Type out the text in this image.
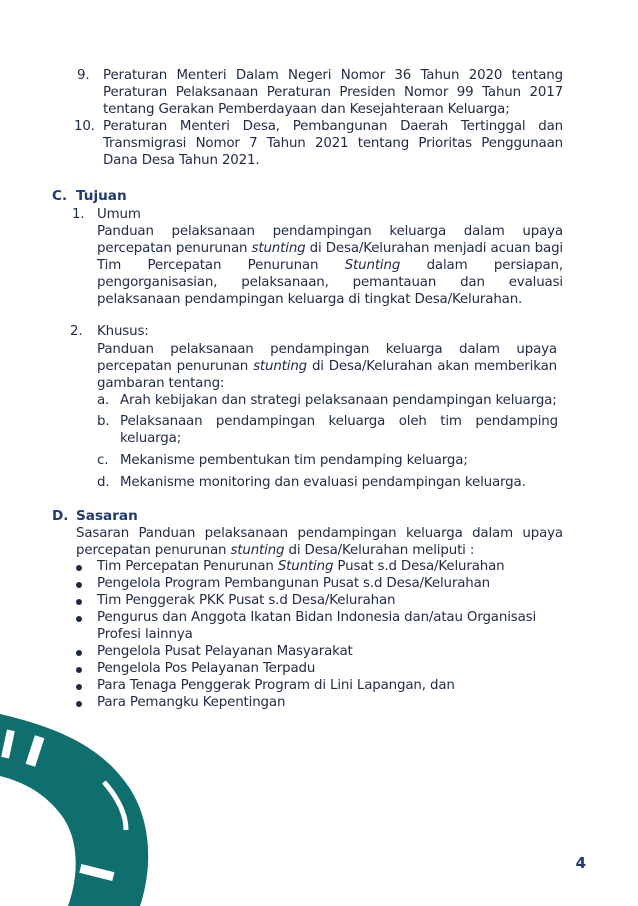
9. Peraturan Menteri Dalam Negeri Nomor 36 Tahun 2020 tentang Peraturan Pelaksanaan Peraturan Presiden Nomor 99 Tahun 2017 tentang Gerakan Pemberdayaan dan Kesejahteraan Keluarga;
10. Peraturan Menteri Desa, Pembangunan Daerah Tertinggal dan Transmigrasi Nomor 7 Tahun 2021 tentang Prioritas Penggunaan Dana Desa Tahun 2021.
C. Tujuan
1. Umum
Panduan pelaksanaan pendampingan keluarga dalam upaya percepatan penurunan stunting di Desa/Kelurahan menjadi acuan bagi Tim Percepatan Penurunan Stunting dalam persiapan, pengorganisasian, pelaksanaan, pemantauan dan evaluasi pelaksanaan pendampingan keluarga di tingkat Desa/Kelurahan.
2. Khusus:
Panduan pelaksanaan pendampingan keluarga dalam upaya percepatan penurunan stunting di Desa/Kelurahan akan memberikan gambaran tentang:
a. Arah kebijakan dan strategi pelaksanaan pendampingan keluarga;
b. Pelaksanaan pendampingan keluarga oleh tim pendamping keluarga;
c. Mekanisme pembentukan tim pendamping keluarga;
d. Mekanisme monitoring dan evaluasi pendampingan keluarga.
D. Sasaran
Sasaran Panduan pelaksanaan pendampingan keluarga dalam upaya percepatan penurunan stunting di Desa/Kelurahan meliputi :
Tim Percepatan Penurunan Stunting Pusat s.d Desa/Kelurahan
Pengelola Program Pembangunan Pusat s.d Desa/Kelurahan
Tim Penggerak PKK Pusat s.d Desa/Kelurahan
Pengurus dan Anggota Ikatan Bidan Indonesia dan/atau Organisasi Profesi lainnya
Pengelola Pusat Pelayanan Masyarakat
Pengelola Pos Pelayanan Terpadu
Para Tenaga Penggerak Program di Lini Lapangan, dan
Para Pemangku Kepentingan
4
